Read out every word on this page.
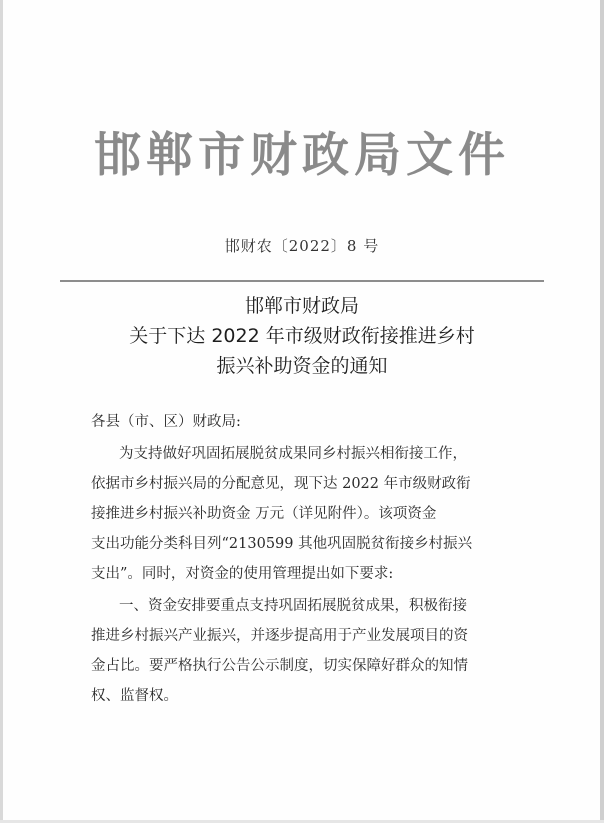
邯郸市财政局文件
邯财农〔2022〕8 号
邯郸市财政局
关于下达 2022 年市级财政衔接推进乡村
振兴补助资金的通知
各县（市、区）财政局:
为支持做好巩固拓展脱贫成果同乡村振兴相衔接工作，
依据市乡村振兴局的分配意见，现下达 2022 年市级财政衔
接推进乡村振兴补助资金 万元（详见附件）。该项资金
支出功能分类科目列“2130599 其他巩固脱贫衔接乡村振兴
支出”。同时，对资金的使用管理提出如下要求:
一、资金安排要重点支持巩固拓展脱贫成果，积极衔接
推进乡村振兴产业振兴，并逐步提高用于产业发展项目的资
金占比。要严格执行公告公示制度，切实保障好群众的知情
权、监督权。
